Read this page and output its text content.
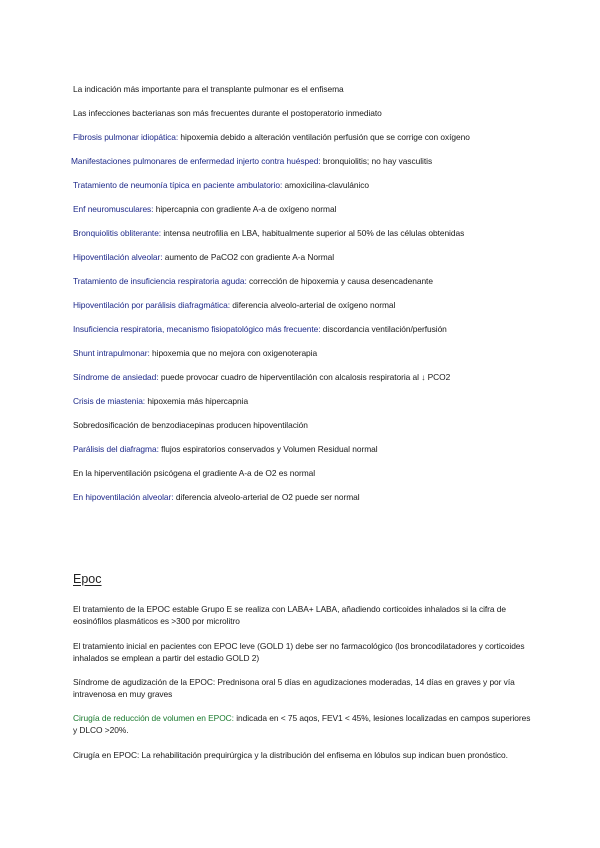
La indicación más importante para el transplante pulmonar es el enfisema
Las infecciones bacterianas son más frecuentes durante el postoperatorio inmediato
Fibrosis pulmonar idiopática: hipoxemia debido a alteración ventilación perfusión que se corrige con oxígeno
Manifestaciones pulmonares de enfermedad injerto contra huésped: bronquiolitis; no hay vasculitis
Tratamiento de neumonía típica en paciente ambulatorio: amoxicilina-clavulánico
Enf neuromusculares: hipercapnia con gradiente A-a de oxígeno normal
Bronquiolitis obliterante: intensa neutrofilia en LBA, habitualmente superior al 50% de las células obtenidas
Hipoventilación alveolar: aumento de PaCO2 con gradiente A-a Normal
Tratamiento de insuficiencia respiratoria aguda: corrección de hipoxemia y causa desencadenante
Hipoventilación por parálisis diafragmática: diferencia alveolo-arterial de oxígeno normal
Insuficiencia respiratoria, mecanismo fisiopatológico más frecuente: discordancia ventilación/perfusión
Shunt intrapulmonar: hipoxemia que no mejora con oxigenoterapia
Síndrome de ansiedad: puede provocar cuadro de hiperventilación con alcalosis respiratoria al ↓ PCO2
Crisis de miastenia: hipoxemia más hipercapnia
Sobredosificación de benzodiacepinas producen hipoventilación
Parálisis del diafragma: flujos espiratorios conservados y Volumen Residual normal
En la hiperventilación psicógena el gradiente A-a de O2 es normal
En hipoventilación alveolar: diferencia alveolo-arterial de O2 puede ser normal
Epoc
El tratamiento de la EPOC estable Grupo E se realiza con LABA+ LABA, añadiendo corticoides inhalados si la cifra de eosinófilos plasmáticos es >300 por microlitro
El tratamiento inicial en pacientes con EPOC leve (GOLD 1) debe ser no farmacológico (los broncodilatadores y corticoides inhalados se emplean a partir del estadio GOLD 2)
Síndrome de agudización de la EPOC: Prednisona oral 5 días en agudizaciones moderadas, 14 días en graves y por vía intravenosa en muy graves
Cirugía de reducción de volumen en EPOC: indicada en < 75 aqos, FEV1 < 45%, lesiones localizadas en campos superiores y DLCO >20%.
Cirugía en EPOC: La rehabilitación prequirúrgica y la distribución del enfisema en lóbulos sup indican buen pronóstico.
